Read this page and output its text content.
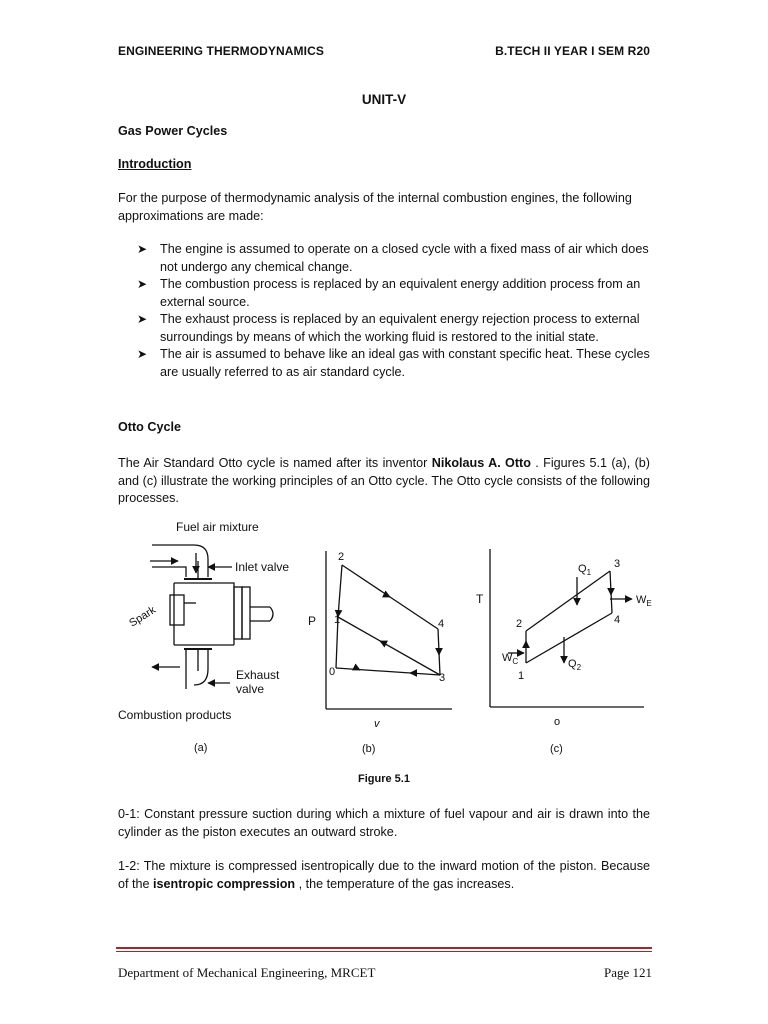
ENGINEERING THERMODYNAMICS	B.TECH II YEAR I SEM R20
UNIT-V
Gas Power Cycles
Introduction
For the purpose of thermodynamic analysis of the internal combustion engines, the following approximations are made:
➤ The engine is assumed to operate on a closed cycle with a fixed mass of air which does not undergo any chemical change.
➤ The combustion process is replaced by an equivalent energy addition process from an external source.
➤ The exhaust process is replaced by an equivalent energy rejection process to external surroundings by means of which the working fluid is restored to the initial state.
➤ The air is assumed to behave like an ideal gas with constant specific heat. These cycles are usually referred to as air standard cycle.
Otto Cycle
The Air Standard Otto cycle is named after its inventor Nikolaus A. Otto . Figures 5.1 (a), (b) and (c) illustrate the working principles of an Otto cycle. The Otto cycle consists of the following processes.
Fuel air mixture
Inlet valve
Spark
Exhaust
valve
Combustion products
(a)
P
v
2
1
0
4
3
(b)
T
o
$Q_1$
3
$W_E$
4
2
$W_C$	$Q_2$
1
(c)
Figure 5.1
0-1: Constant pressure suction during which a mixture of fuel vapour and air is drawn into the cylinder as the piston executes an outward stroke.
1-2: The mixture is compressed isentropically due to the inward motion of the piston. Because of the isentropic compression , the temperature of the gas increases.
Department of Mechanical Engineering, MRCET	Page 121
